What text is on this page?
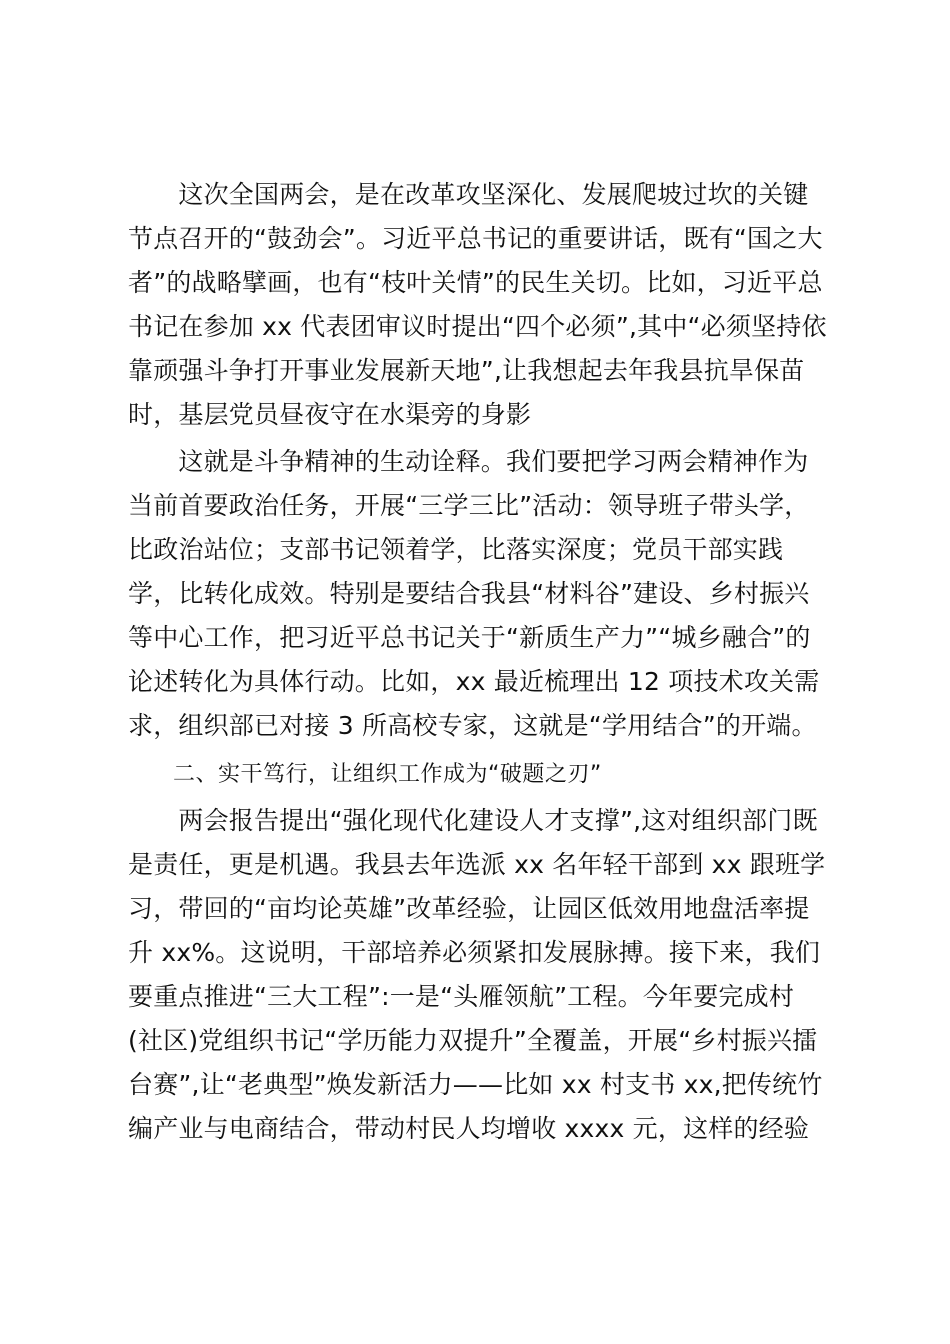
　　这次全国两会，是在改革攻坚深化、发展爬坡过坎的关键
节点召开的“鼓劲会”。习近平总书记的重要讲话，既有“国之大
者”的战略擘画，也有“枝叶关情”的民生关切。比如，习近平总
书记在参加 xx 代表团审议时提出“四个必须”,其中“必须坚持依
靠顽强斗争打开事业发展新天地”,让我想起去年我县抗旱保苗
时，基层党员昼夜守在水渠旁的身影
　　这就是斗争精神的生动诠释。我们要把学习两会精神作为
当前首要政治任务，开展“三学三比”活动：领导班子带头学，
比政治站位；支部书记领着学，比落实深度；党员干部实践
学，比转化成效。特别是要结合我县“材料谷”建设、乡村振兴
等中心工作，把习近平总书记关于“新质生产力”“城乡融合”的
论述转化为具体行动。比如，xx 最近梳理出 12 项技术攻关需
求，组织部已对接 3 所高校专家，这就是“学用结合”的开端。
　　二、实干笃行，让组织工作成为“破题之刃”
　　两会报告提出“强化现代化建设人才支撑”,这对组织部门既
是责任，更是机遇。我县去年选派 xx 名年轻干部到 xx 跟班学
习，带回的“亩均论英雄”改革经验，让园区低效用地盘活率提
升 xx%。这说明，干部培养必须紧扣发展脉搏。接下来，我们
要重点推进“三大工程”:一是“头雁领航”工程。今年要完成村
(社区)党组织书记“学历能力双提升”全覆盖，开展“乡村振兴擂
台赛”,让“老典型”焕发新活力——比如 xx 村支书 xx,把传统竹
编产业与电商结合，带动村民人均增收 xxxx 元，这样的经验
